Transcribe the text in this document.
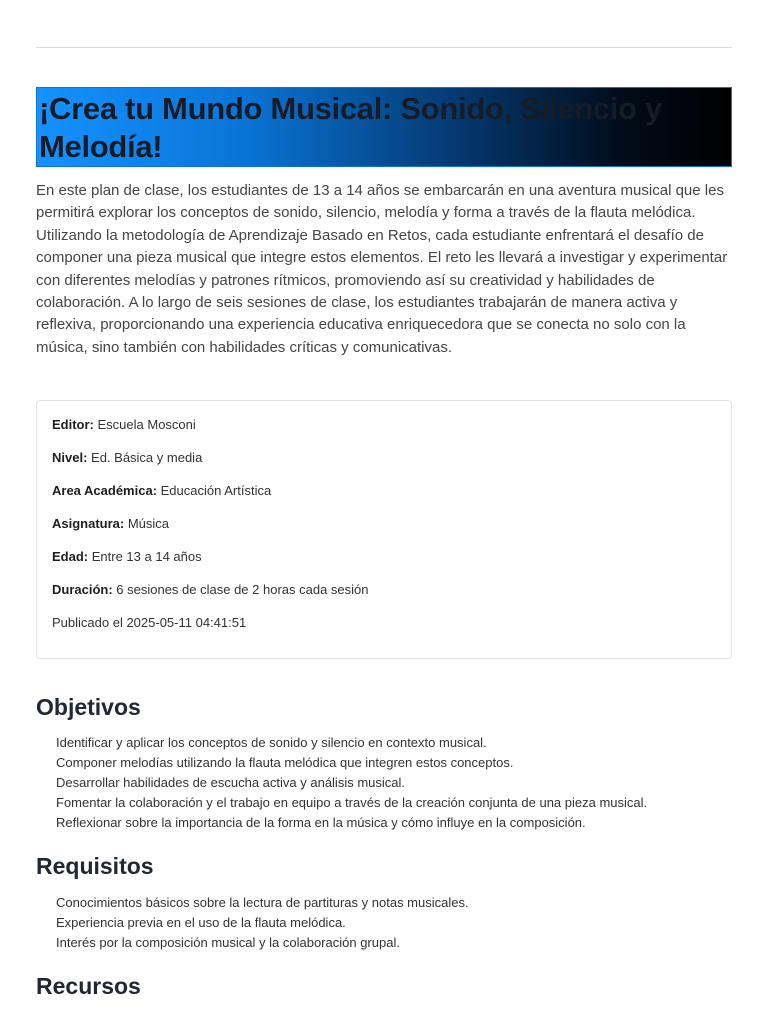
¡Crea tu Mundo Musical: Sonido, Silencio y Melodía!

En este plan de clase, los estudiantes de 13 a 14 años se embarcarán en una aventura musical que les permitirá explorar los conceptos de sonido, silencio, melodía y forma a través de la flauta melódica. Utilizando la metodología de Aprendizaje Basado en Retos, cada estudiante enfrentará el desafío de componer una pieza musical que integre estos elementos. El reto les llevará a investigar y experimentar con diferentes melodías y patrones rítmicos, promoviendo así su creatividad y habilidades de colaboración. A lo largo de seis sesiones de clase, los estudiantes trabajarán de manera activa y reflexiva, proporcionando una experiencia educativa enriquecedora que se conecta no solo con la música, sino también con habilidades críticas y comunicativas.

Editor: Escuela Mosconi
Nivel: Ed. Básica y media
Area Académica: Educación Artística
Asignatura: Música
Edad: Entre 13 a 14 años
Duración: 6 sesiones de clase de 2 horas cada sesión
Publicado el 2025-05-11 04:41:51
Objetivos
Identificar y aplicar los conceptos de sonido y silencio en contexto musical.
Componer melodías utilizando la flauta melódica que integren estos conceptos.
Desarrollar habilidades de escucha activa y análisis musical.
Fomentar la colaboración y el trabajo en equipo a través de la creación conjunta de una pieza musical.
Reflexionar sobre la importancia de la forma en la música y cómo influye en la composición.
Requisitos
Conocimientos básicos sobre la lectura de partituras y notas musicales.
Experiencia previa en el uso de la flauta melódica.
Interés por la composición musical y la colaboración grupal.
Recursos
